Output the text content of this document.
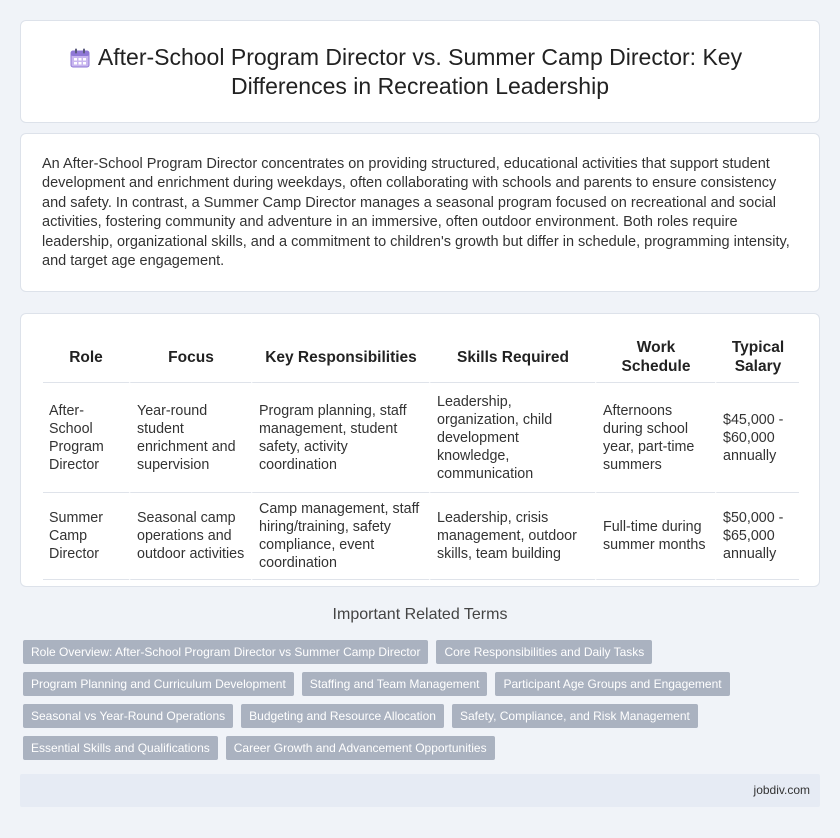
After-School Program Director vs. Summer Camp Director: Key Differences in Recreation Leadership

An After-School Program Director concentrates on providing structured, educational activities that support student development and enrichment during weekdays, often collaborating with schools and parents to ensure consistency and safety. In contrast, a Summer Camp Director manages a seasonal program focused on recreational and social activities, fostering community and adventure in an immersive, often outdoor environment. Both roles require leadership, organizational skills, and a commitment to children's growth but differ in schedule, programming intensity, and target age engagement.

Role	Focus	Key Responsibilities	Skills Required	Work Schedule	Typical Salary
After-School Program Director	Year-round student enrichment and supervision	Program planning, staff management, student safety, activity coordination	Leadership, organization, child development knowledge, communication	Afternoons during school year, part-time summers	$45,000 - $60,000 annually
Summer Camp Director	Seasonal camp operations and outdoor activities	Camp management, staff hiring/training, safety compliance, event coordination	Leadership, crisis management, outdoor skills, team building	Full-time during summer months	$50,000 - $65,000 annually
Important Related Terms
Role Overview: After-School Program Director vs Summer Camp Director	Core Responsibilities and Daily Tasks
Program Planning and Curriculum Development	Staffing and Team Management	Participant Age Groups and Engagement
Seasonal vs Year-Round Operations	Budgeting and Resource Allocation	Safety, Compliance, and Risk Management
Essential Skills and Qualifications	Career Growth and Advancement Opportunities
jobdiv.com
